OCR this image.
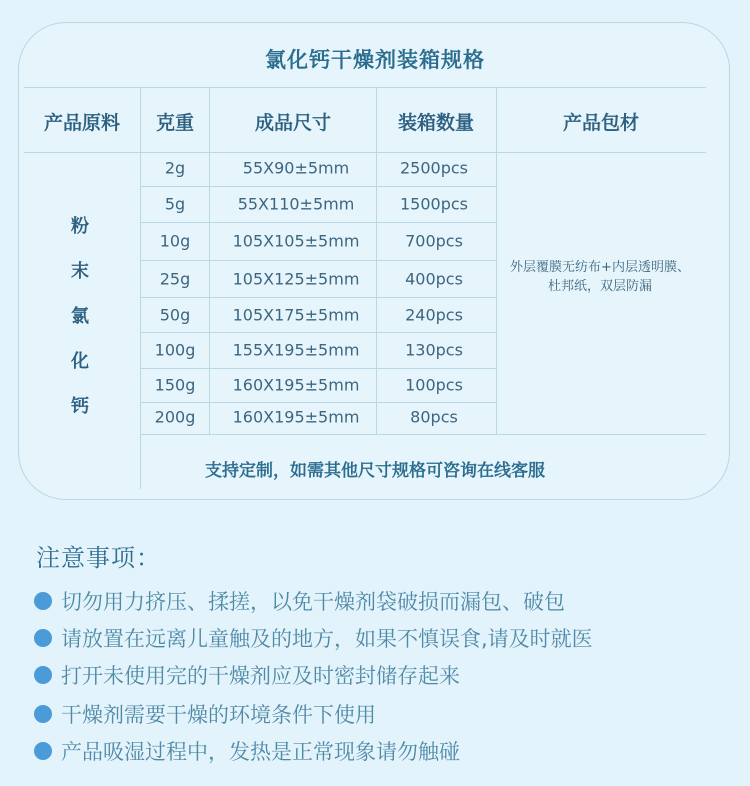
氯化钙干燥剂装箱规格
产品原料 克重	成品尺寸	装箱数量	产品包材
粉
末
氯
化
钙
2g	55X90±5mm	2500pcs
5g	55X110±5mm	1500pcs
10g	105X105±5mm	700pcs
25g	105X125±5mm	400pcs
50g	105X175±5mm	240pcs
100g 155X195±5mm	130pcs
150g 160X195±5mm	100pcs
200g 160X195±5mm	80pcs
外层覆膜无纺布+内层透明膜、
杜邦纸，双层防漏
支持定制，如需其他尺寸规格可咨询在线客服
注意事项：
切勿用力挤压、揉搓，以免干燥剂袋破损而漏包、破包
请放置在远离儿童触及的地方，如果不慎误食,请及时就医
打开未使用完的干燥剂应及时密封储存起来
干燥剂需要干燥的环境条件下使用
产品吸湿过程中，发热是正常现象请勿触碰
